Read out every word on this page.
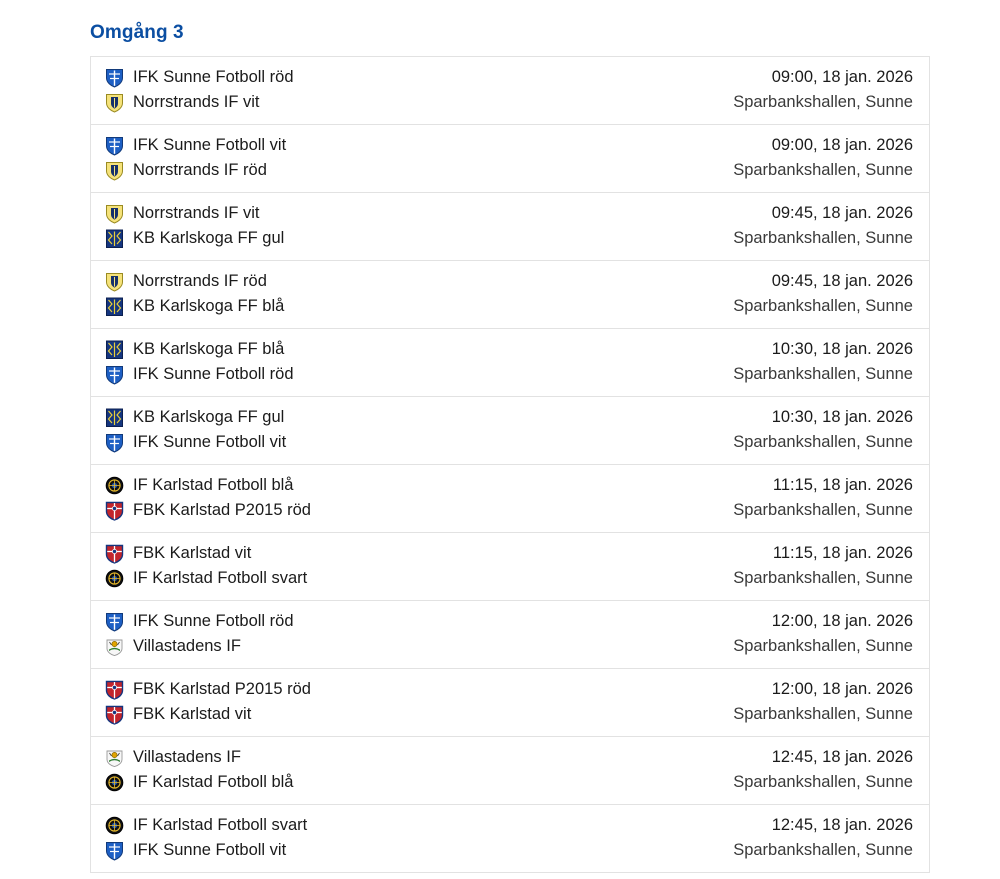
Omgång 3
IFK Sunne Fotboll röd
Norrstrands IF vit
09:00, 18 jan. 2026
Sparbankshallen, Sunne
IFK Sunne Fotboll vit
Norrstrands IF röd
09:00, 18 jan. 2026
Sparbankshallen, Sunne
Norrstrands IF vit
KB Karlskoga FF gul
09:45, 18 jan. 2026
Sparbankshallen, Sunne
Norrstrands IF röd
KB Karlskoga FF blå
09:45, 18 jan. 2026
Sparbankshallen, Sunne
KB Karlskoga FF blå
IFK Sunne Fotboll röd
10:30, 18 jan. 2026
Sparbankshallen, Sunne
KB Karlskoga FF gul
IFK Sunne Fotboll vit
10:30, 18 jan. 2026
Sparbankshallen, Sunne
IF Karlstad Fotboll blå
FBK Karlstad P2015 röd
11:15, 18 jan. 2026
Sparbankshallen, Sunne
FBK Karlstad vit
IF Karlstad Fotboll svart
11:15, 18 jan. 2026
Sparbankshallen, Sunne
IFK Sunne Fotboll röd
Villastadens IF
12:00, 18 jan. 2026
Sparbankshallen, Sunne
FBK Karlstad P2015 röd
FBK Karlstad vit
12:00, 18 jan. 2026
Sparbankshallen, Sunne
Villastadens IF
IF Karlstad Fotboll blå
12:45, 18 jan. 2026
Sparbankshallen, Sunne
IF Karlstad Fotboll svart
IFK Sunne Fotboll vit
12:45, 18 jan. 2026
Sparbankshallen, Sunne
